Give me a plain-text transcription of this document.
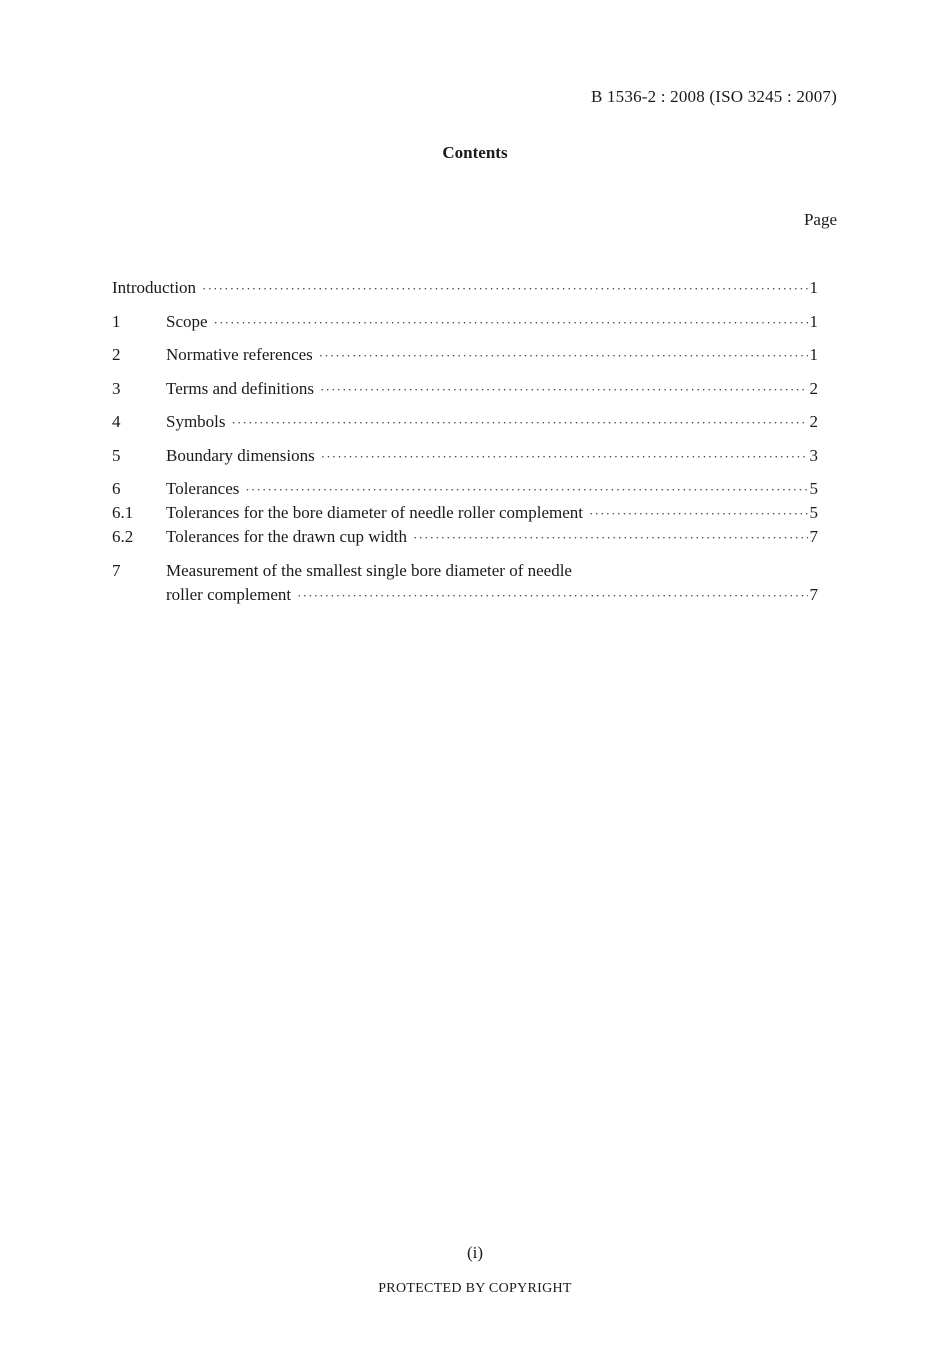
B 1536-2 : 2008 (ISO 3245 : 2007)
Contents
Page
Introduction ·····	1
1	Scope ·····	1
2	Normative references ·····	1
3	Terms and definitions ·····	2
4	Symbols ·····	2
5	Boundary dimensions ·····	3
6	Tolerances ·····	5
6.1	Tolerances for the bore diameter of needle roller complement ·····	5
6.2	Tolerances for the drawn cup width ·····	7
7	Measurement of the smallest single bore diameter of needle
roller complement ·····	7
(i)
PROTECTED BY COPYRIGHT
